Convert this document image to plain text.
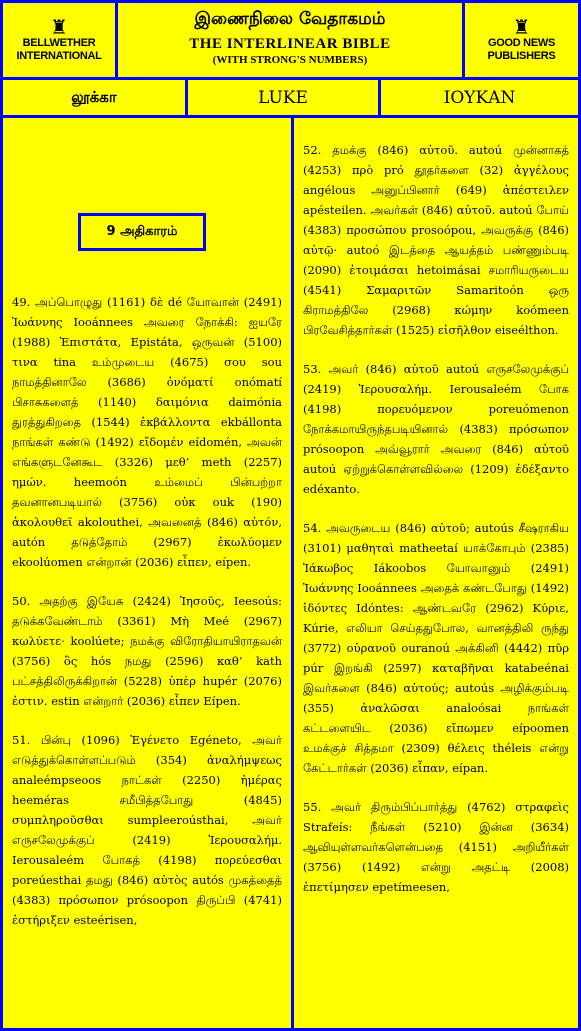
♜
BELLWETHER
INTERNATIONAL
இணைநிலை வேதாகமம்
THE INTERLINEAR BIBLE
(WITH STRONG'S NUMBERS)
♜
GOOD NEWS
PUBLISHERS
லூக்கா	LUKE	ΙΟΥΚΑΝ

49. அப்பொழுது (1161) δὲ dé யோவான் (2491) Ἰωάννης Iooánnees அவரை நோக்கி: ஐயரே (1988) Ἐπιστάτα, Epistáta, ஒருவன் (5100) τινα tina உம்முடைய (4675) σου sou நாமத்தினாலே (3686) ὀνόματί onómatí பிசாசுகளைத் (1140) δαιμόνια daimónia துரத்துகிறதை (1544) ἐκβάλλοντα ekbállonta நாங்கள் கண்டு (1492) εἴδομέν eídomén, அவன் எங்களுடனேகூட (3326) μεθ’ meth (2257) ημών. heemoón உம்மைப் பின்பற்றா தவனானபடியால் (3756) οὐκ ouk (190) ἀκολουθεῖ akolouthei, அவனைத் (846) αὐτόν, autón தடுத்தோம் (2967) ἐκωλύομεν ekoolúomen என்றான் (2036) εἶπεν, eípen.

50. அதற்கு இயேசு (2424) Ἰησοῦς, Ieesoús: தடுக்கவேண்டாம் (3361) Μὴ Meé (2967) κωλύετε· koolúete; நமக்கு விரோதியாயிராதவன் (3756) ὃς hós நமது (2596) καθ’ kath பட்சத்திலிருக்கிறான் (5228) ὑπὲρ hupér (2076) ἐστιν. estin என்றார் (2036) εἶπεν Eípen.

51. பின்பு (1096) Ἐγένετο Egéneto, அவர் எடுத்துக்கொள்ளப்படும் (354) ἀναλήμψεως analeémpseoos நாட்கள் (2250) ἡμέρας heeméras சமீபித்தபோது (4845) συμπληροῦσθαι sumpleeroústhai, அவர் எருசலேமுக்குப் (2419) Ἰερουσαλήμ. Ierousaleém போகத் (4198) πορεύεσθαι poreúesthai தமது (846) αὐτὸς autós முகத்தைத் (4383) πρόσωπον prósoopon திருப்பி (4741) ἐστήριξεν esteérisen,

9 அதிகாரம்

52. தமக்கு (846) αὐτοῦ. autoú முன்னாகத் (4253) πρὸ pró தூதர்களை (32) ἀγγέλους angélous அனுப்பினார் (649) ἀπέστειλεν apésteilen. அவர்கள் (846) αὐτοῦ. autoú போய் (4383) προσώπου prosoópou, அவருக்கு (846) αὐτῷ· autoó இடத்தை ஆயத்தம் பண்ணும்படி (2090) ἑτοιμάσαι hetoimásai சமாரியருடைய (4541) Σαμαριτῶν Samaritoón ஒரு கிராமத்திலே (2968) κώμην koómeen பிரவேசித்தார்கள் (1525) εἰσῆλθον eiseélthon.

53. அவர் (846) αὐτοῦ autoú எருசலேமுக்குப் (2419) Ἰερουσαλήμ. Ierousaleém போக (4198) πορευόμενον poreuómenon நோக்கமாயிருந்தபடியினால் (4383) πρόσωπον prósoopon அவ்வூரார் அவரை (846) αὐτοῦ autoú ஏற்றுக்கொள்ளவில்லை (1209) ἐδέξαντο edéxanto.

54. அவருடைய (846) αὐτοῦ; autoús சீஷராகிய (3101) μαθηταὶ matheetaí யாக்கோபும் (2385) Ἰάκωβος Iákoobos யோவானும் (2491) Ἰωάννης Iooánnees அதைக் கண்டபோது (1492) ἰδόντες Idóntes: ஆண்டவரே (2962) Κύριε, Kúrie, எலியா செய்ததுபோல, வானத்திலி ருந்து (3772) οὐρανοῦ ouranoú அக்கினி (4442) πῦρ púr இறங்கி (2597) καταβῆναι katabeénai இவர்களை (846) αὐτούς; autoús அழிக்கும்படி (355) ἀναλῶσαι analoósai நாங்கள் கட்டளையிட (2036) εἴπωμεν eípoomen உமக்குச் சித்தமா (2309) θέλεις théleis என்று கேட்டார்கள் (2036) εἶπαν, eípan.

55. அவர் திரும்பிப்பார்த்து (4762) στραφεὶς Strafeís: நீங்கள் (5210) இன்ன (3634) ஆவியுள்ளவர்களென்பதை (4151) அறியீர்கள் (3756) (1492) என்று அதட்டி (2008) ἐπετίμησεν epetímeesen,
